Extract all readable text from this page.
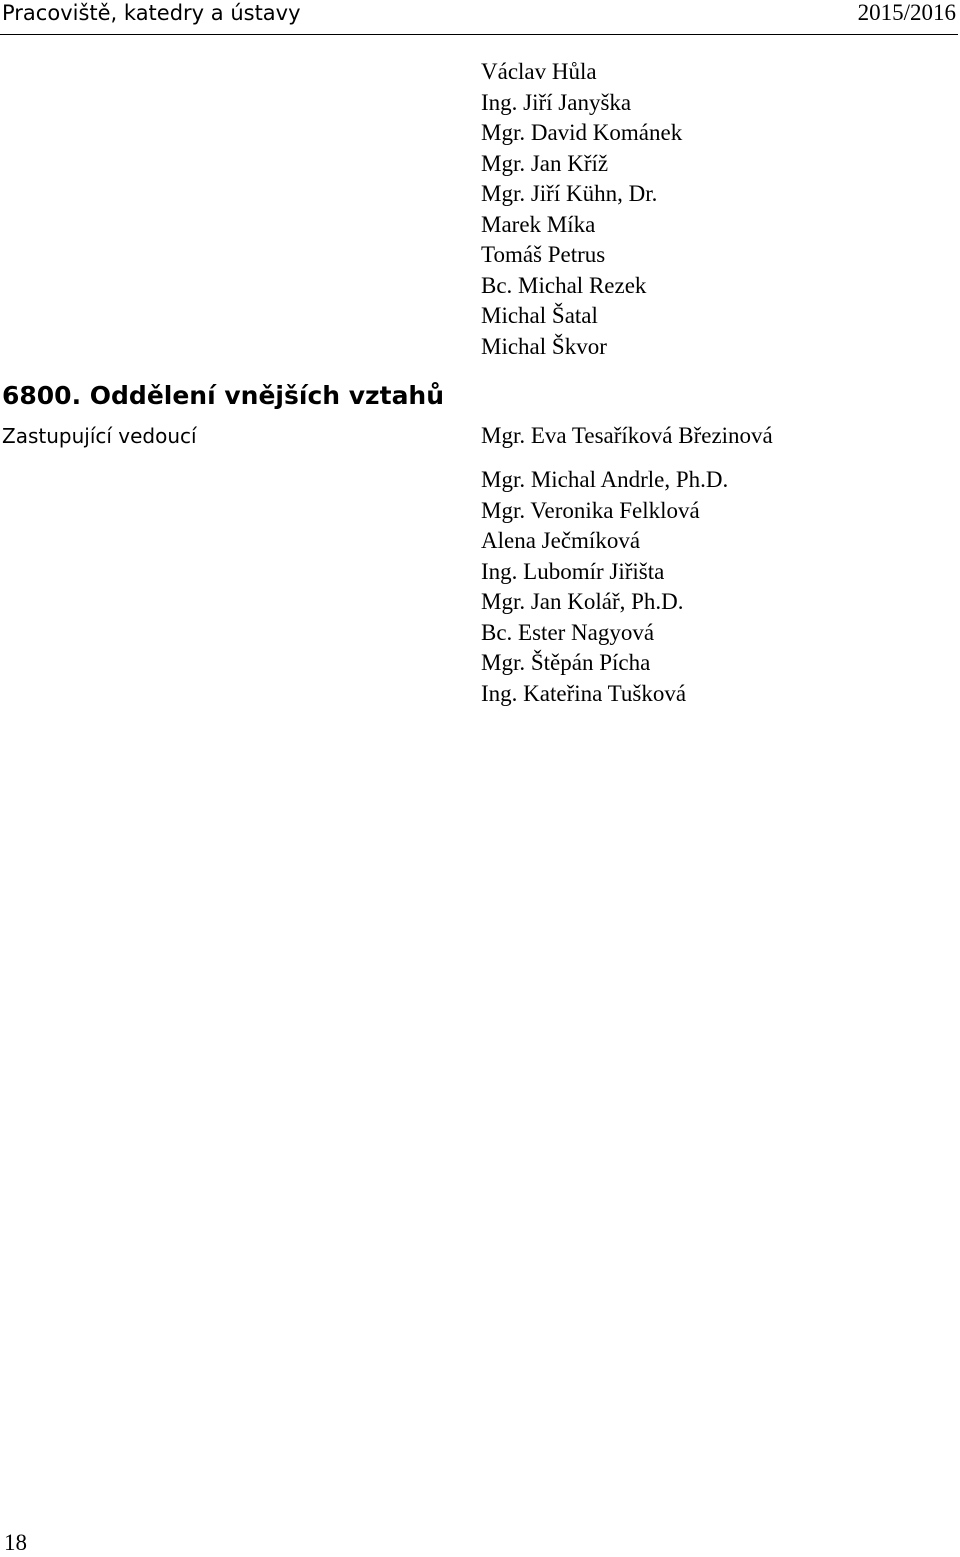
Pracoviště, katedry a ústavy	2015/2016
Václav Hůla
Ing. Jiří Janyška
Mgr. David Kománek
Mgr. Jan Kříž
Mgr. Jiří Kühn, Dr.
Marek Míka
Tomáš Petrus
Bc. Michal Rezek
Michal Šatal
Michal Škvor
6800. Oddělení vnějších vztahů
Zastupující vedoucí	Mgr. Eva Tesaříková Březinová
Mgr. Michal Andrle, Ph.D.
Mgr. Veronika Felklová
Alena Ječmíková
Ing. Lubomír Jiřišta
Mgr. Jan Kolář, Ph.D.
Bc. Ester Nagyová
Mgr. Štěpán Pícha
Ing. Kateřina Tušková
18
